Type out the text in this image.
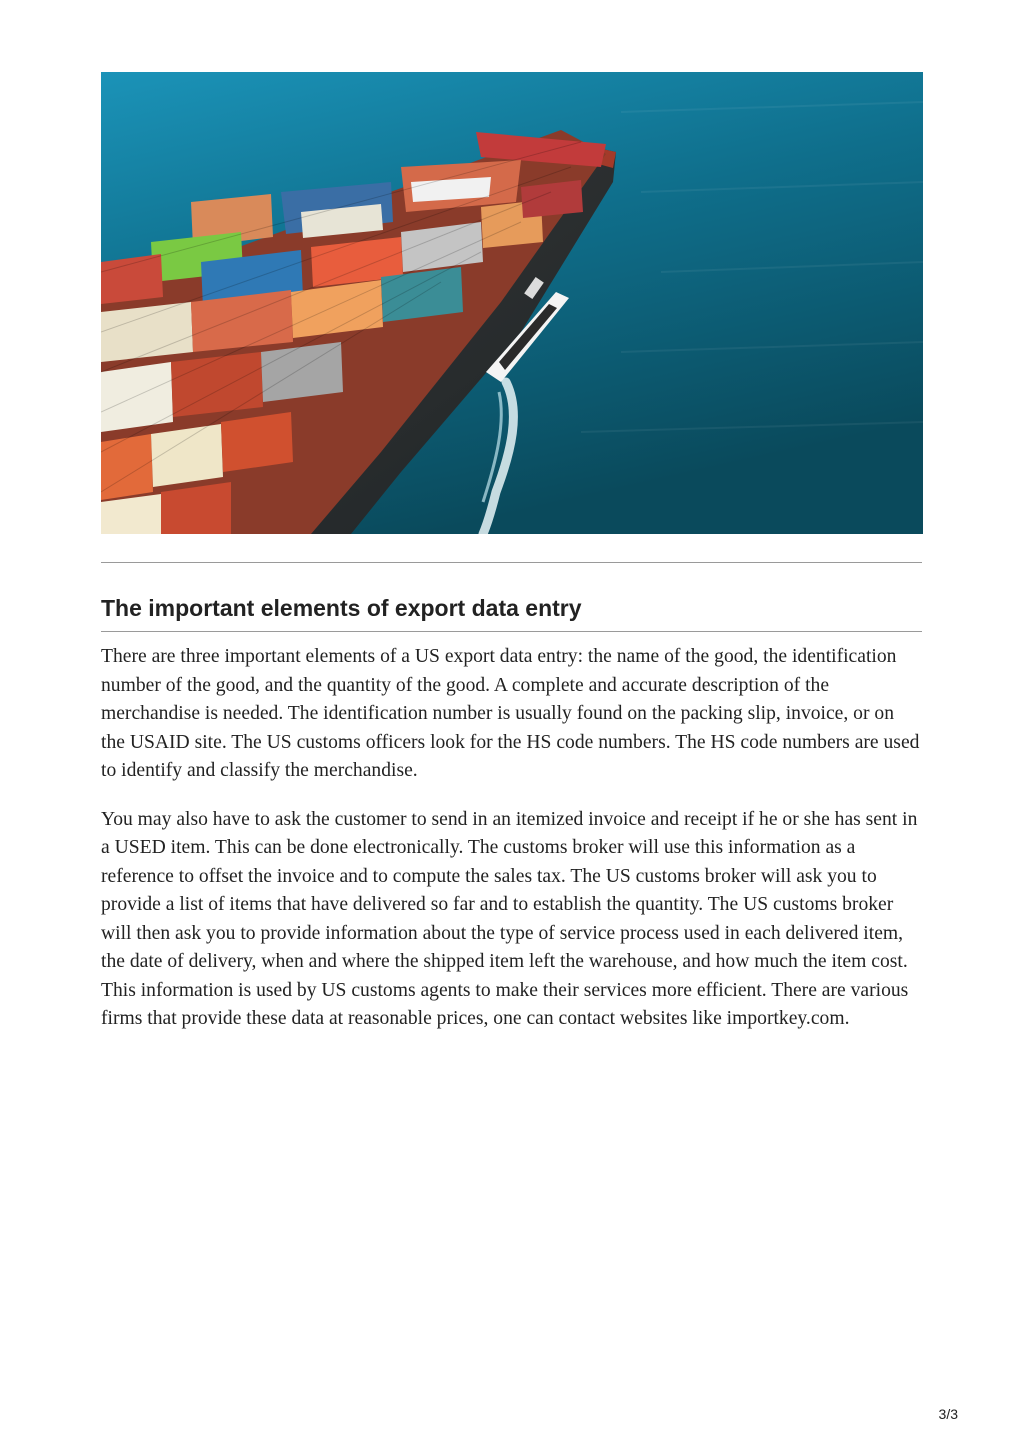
The important elements of export data entry

There are three important elements of a US export data entry: the name of the good, the identification number of the good, and the quantity of the good. A complete and accurate description of the merchandise is needed. The identification number is usually found on the packing slip, invoice, or on the USAID site. The US customs officers look for the HS code numbers. The HS code numbers are used to identify and classify the merchandise.

You may also have to ask the customer to send in an itemized invoice and receipt if he or she has sent in a USED item. This can be done electronically. The customs broker will use this information as a reference to offset the invoice and to compute the sales tax. The US customs broker will ask you to provide a list of items that have delivered so far and to establish the quantity. The US customs broker will then ask you to provide information about the type of service process used in each delivered item, the date of delivery, when and where the shipped item left the warehouse, and how much the item cost. This information is used by US customs agents to make their services more efficient. There are various firms that provide these data at reasonable prices, one can contact websites like importkey.com.

3/3
